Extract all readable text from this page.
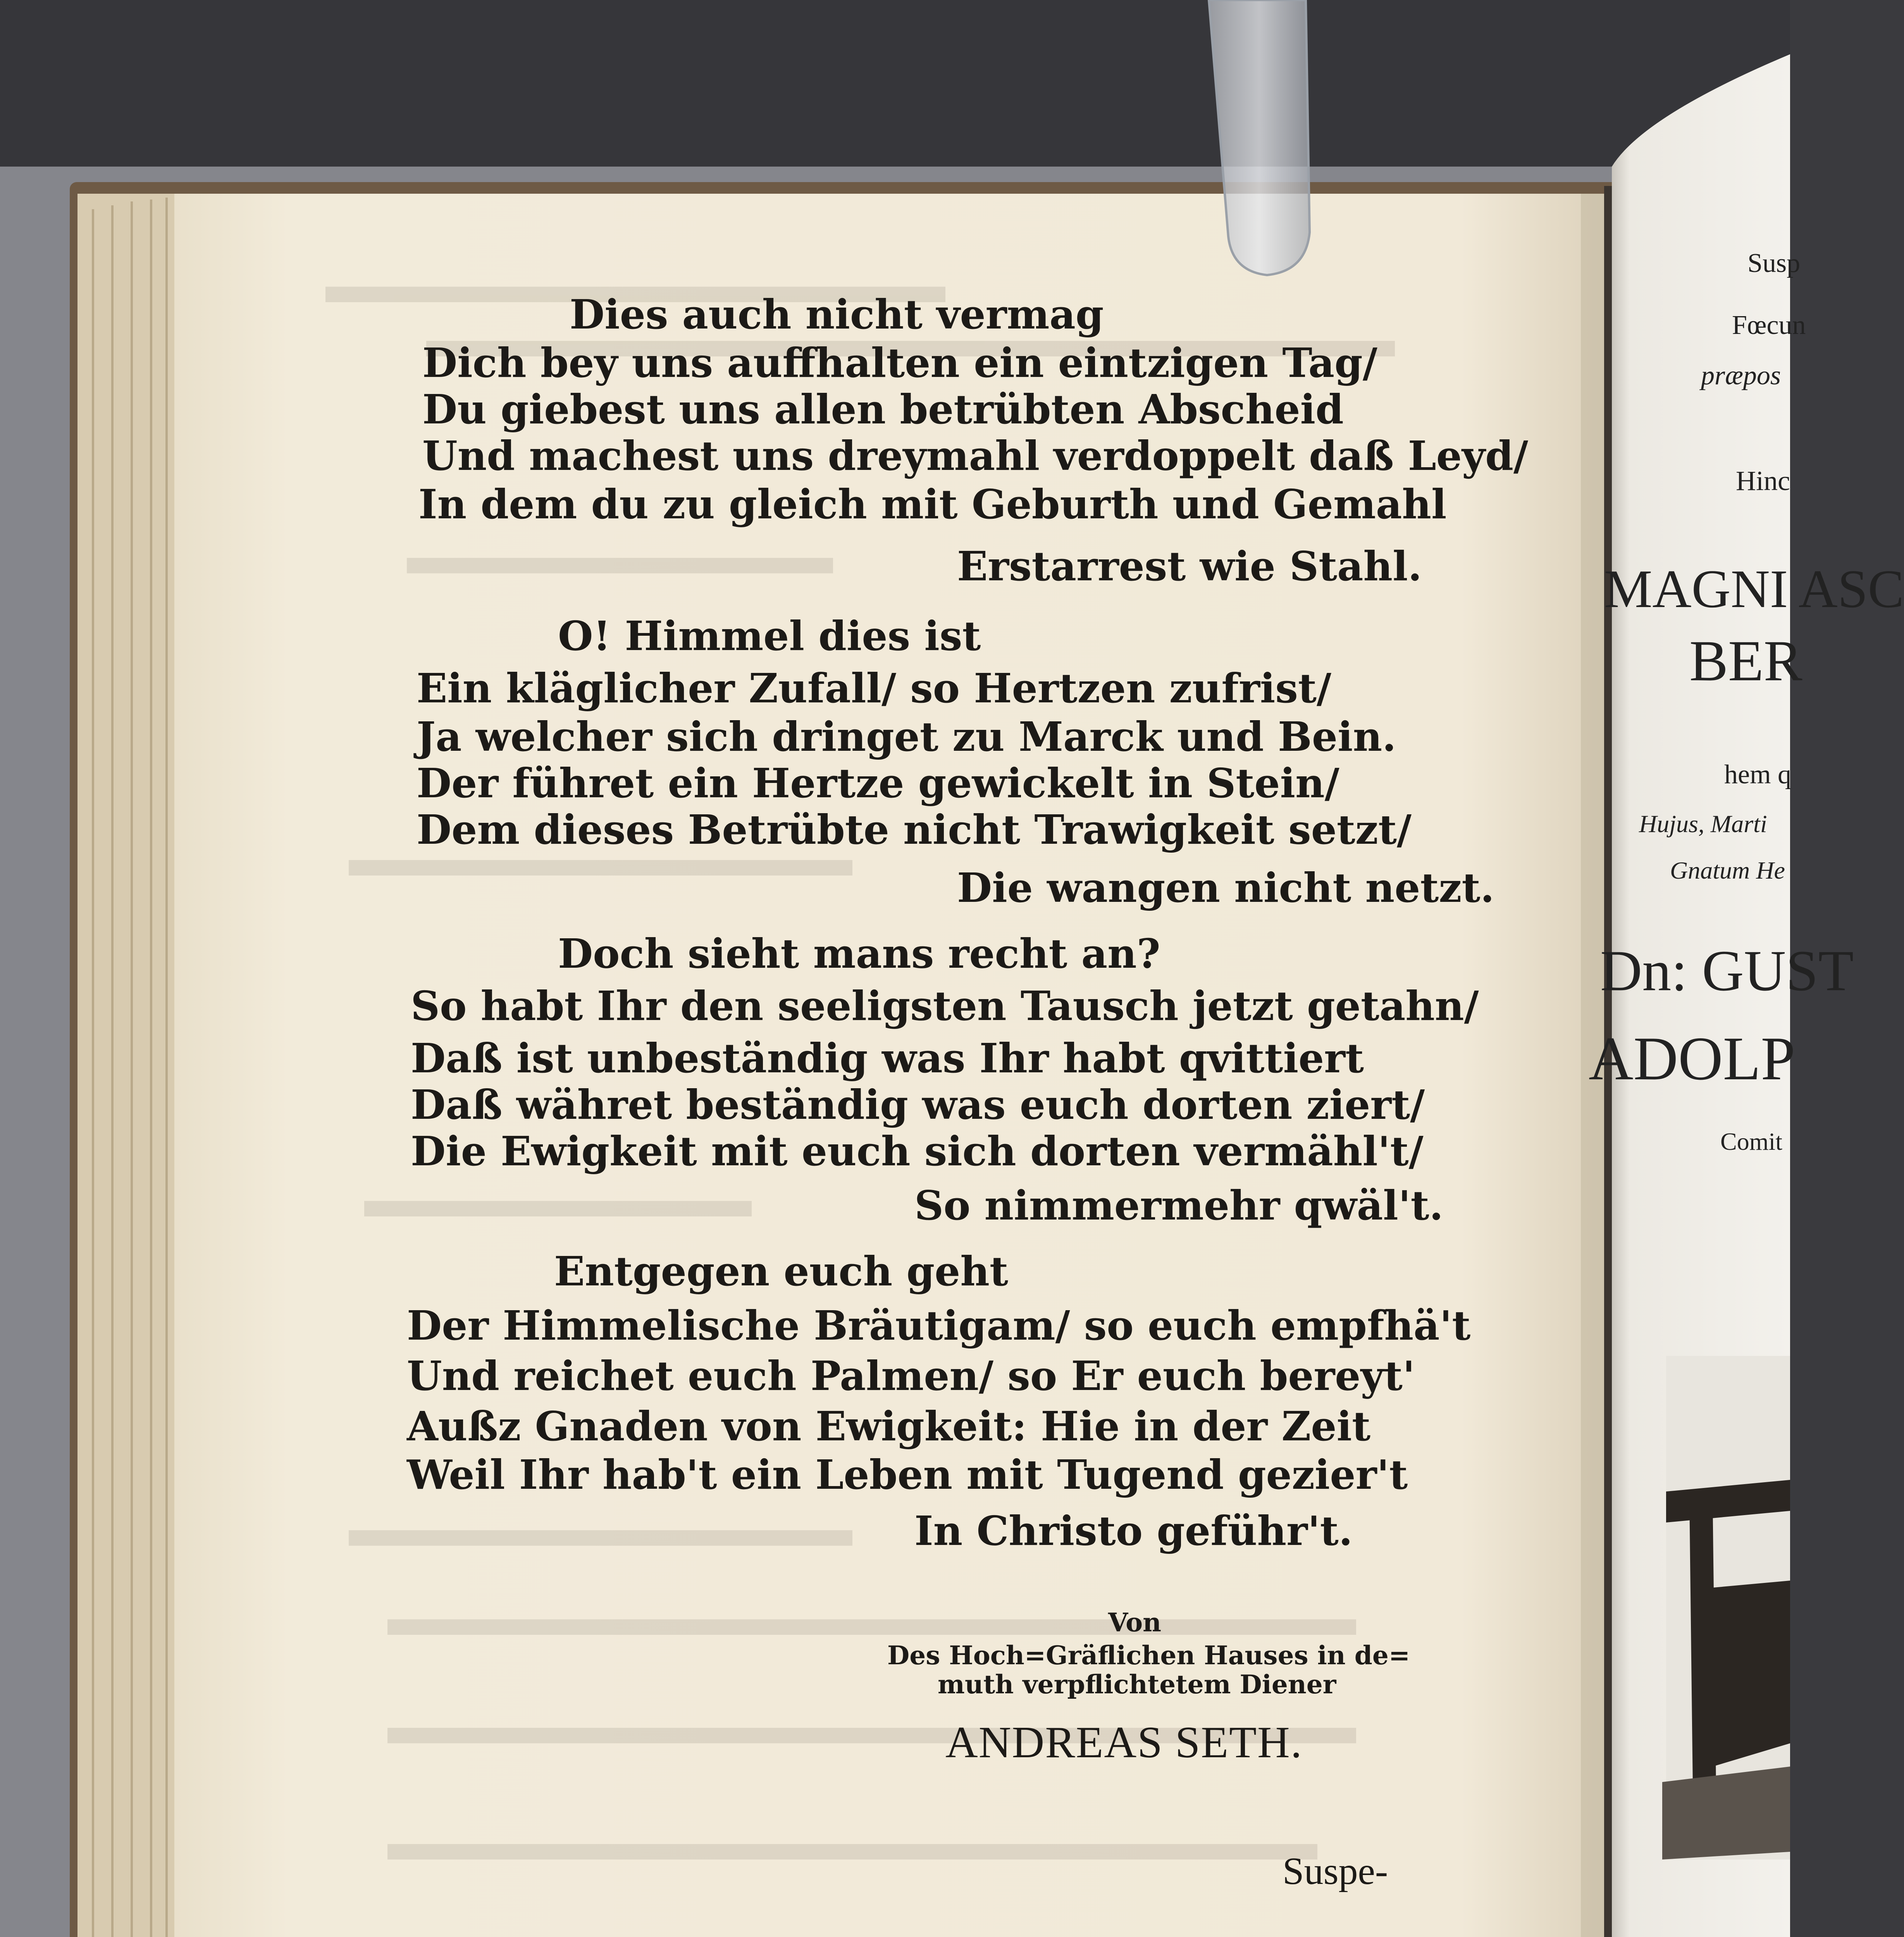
Dies auch nicht vermag
Dich bey uns auffhalten ein eintzigen Tag/
Du giebest uns allen betrübten Abscheid
Und machest uns dreymahl verdoppelt daß Leyd/
In dem du zu gleich mit Geburth und Gemahl
Erstarrest wie Stahl.
O! Himmel dies ist
Ein kläglicher Zufall/ so Hertzen zufrist/
Ja welcher sich dringet zu Marck und Bein.
Der führet ein Hertze gewickelt in Stein/
Dem dieses Betrübte nicht Trawigkeit setzt/
Die wangen nicht netzt.
Doch sieht mans recht an?
So habt Ihr den seeligsten Tausch jetzt getahn/
Daß ist unbeständig was Ihr habt qvittiert
Daß währet beständig was euch dorten ziert/
Die Ewigkeit mit euch sich dorten vermähl't/
So nimmermehr qwäl't.
Entgegen euch geht
Der Himmelische Bräutigam/ so euch empfhä't
Und reichet euch Palmen/ so Er euch bereyt'
Außz Gnaden von Ewigkeit: Hie in der Zeit
Weil Ihr hab't ein Leben mit Tugend gezier't
In Christo geführ't.
Von
Des Hoch=Gräflichen Hauses in de=
muth verpflichtetem Diener
ANDREAS SETH.
Suspe-
Susp
Fœcun
præpos
Hinc
MAGNI ASC
BER
hem q
Hujus, Marti
Gnatum He
Dn: GUST
ADOLP
Comit
